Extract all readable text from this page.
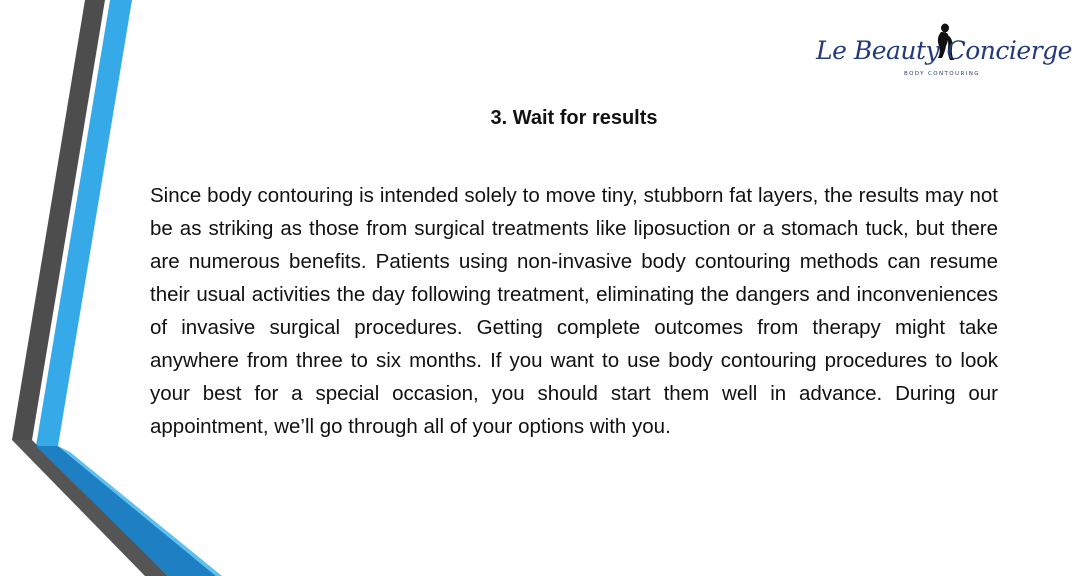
Le Beauty Concierge
BODY CONTOURING
3. Wait for results

Since body contouring is intended solely to move tiny, stubborn fat layers, the results may not be as striking as those from surgical treatments like liposuction or a stomach tuck, but there are numerous benefits. Patients using non-invasive body contouring methods can resume their usual activities the day following treatment, eliminating the dangers and inconveniences of invasive surgical procedures. Getting complete outcomes from therapy might take anywhere from three to six months. If you want to use body contouring procedures to look your best for a special occasion, you should start them well in advance. During our appointment, we’ll go through all of your options with you.
